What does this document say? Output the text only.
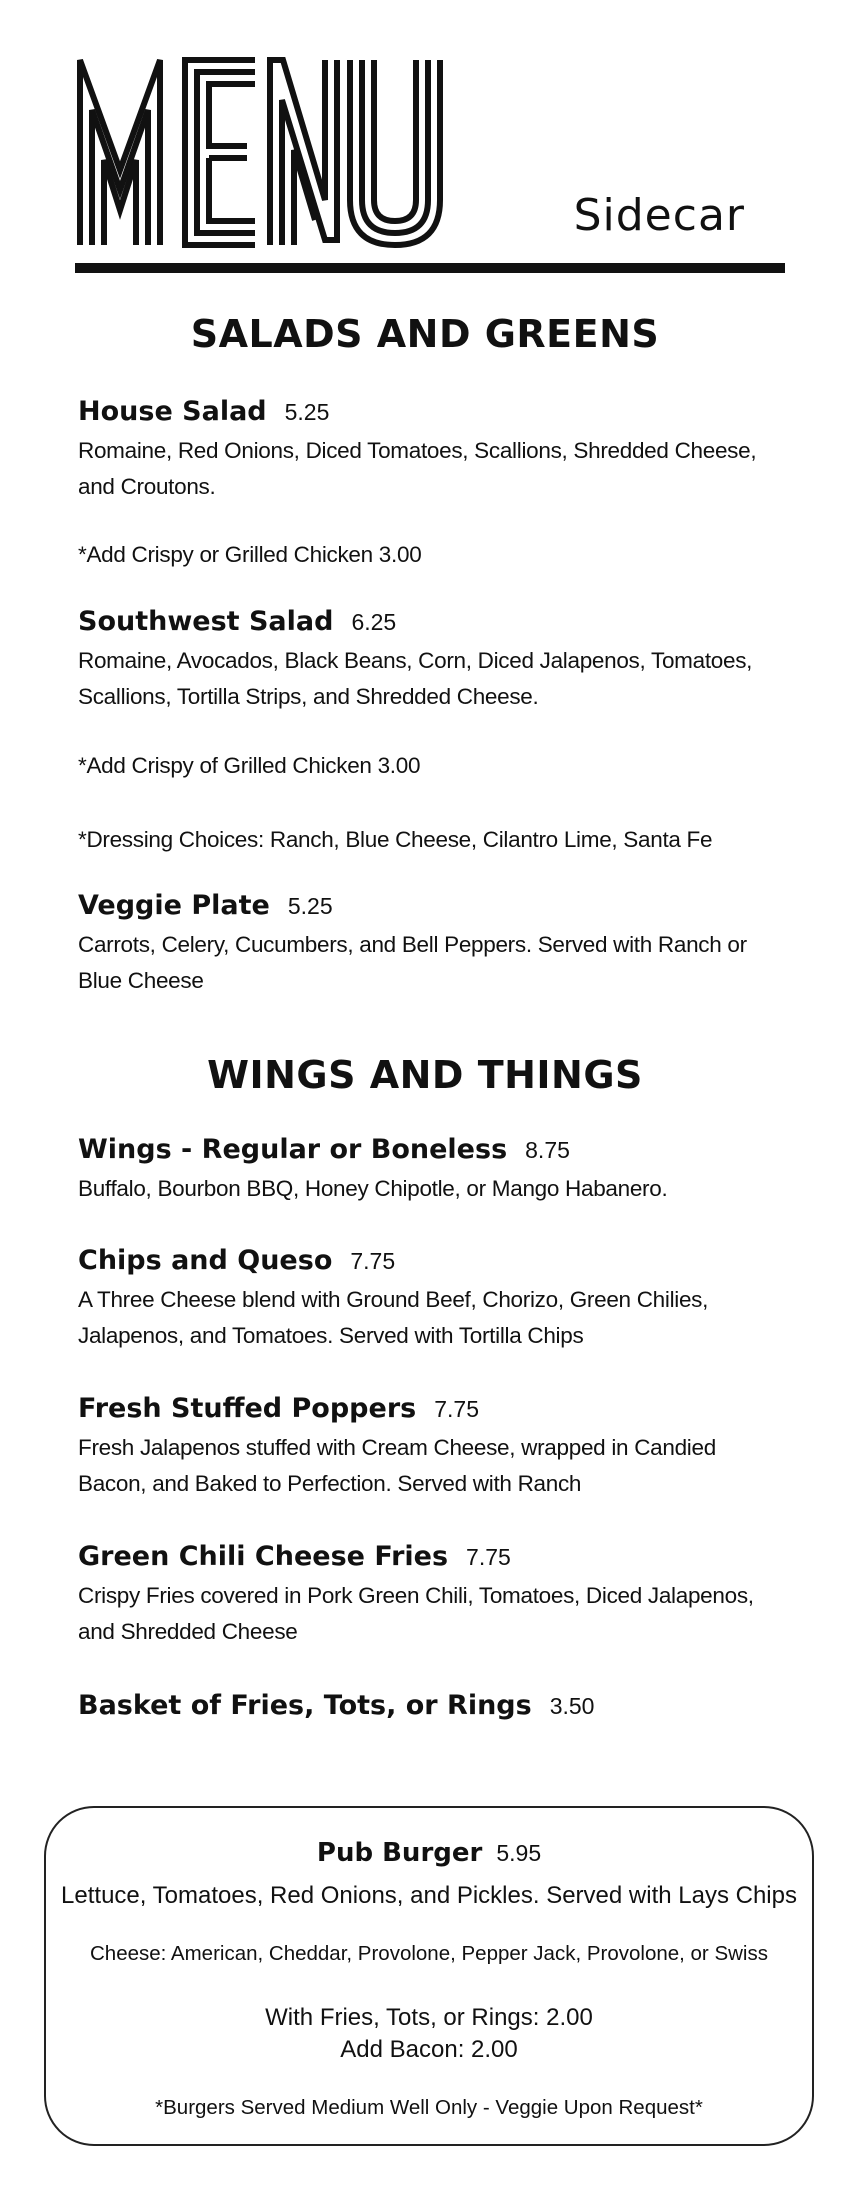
Sidecar
SALADS AND GREENS
House Salad 5.25
Romaine, Red Onions, Diced Tomatoes, Scallions, Shredded Cheese,
and Croutons.
*Add Crispy or Grilled Chicken 3.00
Southwest Salad 6.25
Romaine, Avocados, Black Beans, Corn, Diced Jalapenos, Tomatoes,
Scallions, Tortilla Strips, and Shredded Cheese.
*Add Crispy of Grilled Chicken 3.00
*Dressing Choices: Ranch, Blue Cheese, Cilantro Lime, Santa Fe
Veggie Plate 5.25
Carrots, Celery, Cucumbers, and Bell Peppers. Served with Ranch or
Blue Cheese
WINGS AND THINGS
Wings - Regular or Boneless 8.75
Buffalo, Bourbon BBQ, Honey Chipotle, or Mango Habanero.
Chips and Queso 7.75
A Three Cheese blend with Ground Beef, Chorizo, Green Chilies,
Jalapenos, and Tomatoes. Served with Tortilla Chips
Fresh Stuffed Poppers 7.75
Fresh Jalapenos stuffed with Cream Cheese, wrapped in Candied
Bacon, and Baked to Perfection. Served with Ranch
Green Chili Cheese Fries 7.75
Crispy Fries covered in Pork Green Chili, Tomatoes, Diced Jalapenos,
and Shredded Cheese
Basket of Fries, Tots, or Rings 3.50
Pub Burger 5.95
Lettuce, Tomatoes, Red Onions, and Pickles. Served with Lays Chips
Cheese: American, Cheddar, Provolone, Pepper Jack, Provolone, or Swiss
With Fries, Tots, or Rings: 2.00
Add Bacon: 2.00
*Burgers Served Medium Well Only - Veggie Upon Request*
